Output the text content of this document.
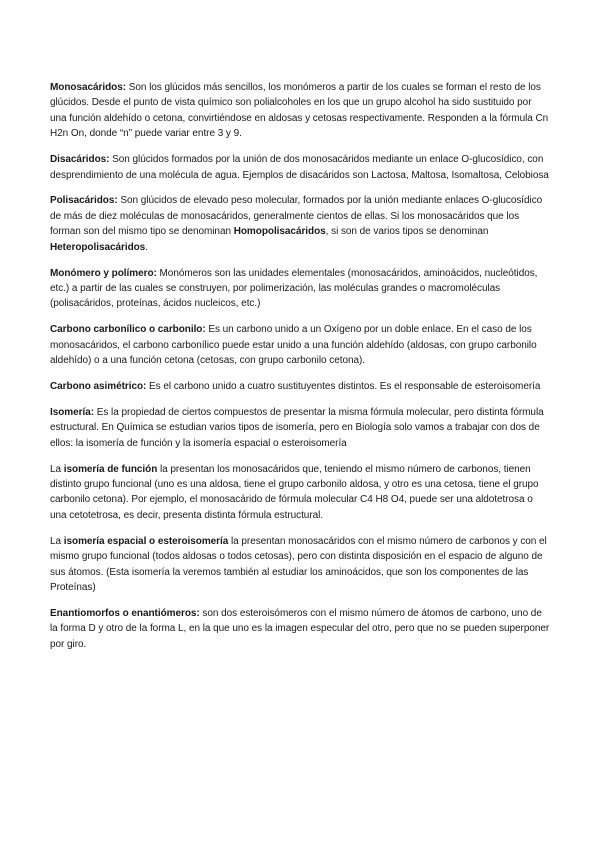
Monosacáridos: Son los glúcidos más sencillos, los monómeros a partir de los cuales se forman el resto de los glúcidos. Desde el punto de vista químico son polialcoholes en los que un grupo alcohol ha sido sustituido por una función aldehído o cetona, convirtiéndose en aldosas y cetosas respectivamente. Responden a la fórmula Cn H2n On, donde “n” puede variar entre 3 y 9.

Disacáridos: Son glúcidos formados por la unión de dos monosacáridos mediante un enlace O-glucosídico, con desprendimiento de una molécula de agua. Ejemplos de disacáridos son Lactosa, Maltosa, Isomaltosa, Celobiosa

Polisacáridos: Son glúcidos de elevado peso molecular, formados por la unión mediante enlaces O-glucosídico de más de diez moléculas de monosacáridos, generalmente cientos de ellas. Si los monosacáridos que los forman son del mismo tipo se denominan Homopolisacáridos, si son de varios tipos se denominan Heteropolisacáridos.

Monómero y polímero: Monómeros son las unidades elementales (monosacáridos, aminoácidos, nucleótidos, etc.) a partir de las cuales se construyen, por polimerización, las moléculas grandes o macromoléculas (polisacáridos, proteínas, ácidos nucleicos, etc.)

Carbono carbonílico o carbonilo: Es un carbono unido a un Oxígeno por un doble enlace. En el caso de los monosacáridos, el carbono carbonílico puede estar unido a una función aldehído (aldosas, con grupo carbonilo aldehído) o a una función cetona (cetosas, con grupo carbonilo cetona).

Carbono asimétrico: Es el carbono unido a cuatro sustituyentes distintos. Es el responsable de esteroisomería

Isomería: Es la propiedad de ciertos compuestos de presentar la misma fórmula molecular, pero distinta fórmula estructural. En Química se estudian varios tipos de isomería, pero en Biología solo vamos a trabajar con dos de ellos: la isomería de función y la isomería espacial o esteroisomería

La isomería de función la presentan los monosacáridos que, teniendo el mismo número de carbonos, tienen distinto grupo funcional (uno es una aldosa, tiene el grupo carbonilo aldosa, y otro es una cetosa, tiene el grupo carbonilo cetona). Por ejemplo, el monosacárido de fórmula molecular C4 H8 O4, puede ser una aldotetrosa o una cetotetrosa, es decir, presenta distinta fórmula estructural.

La isomería espacial o esteroisomería la presentan monosacáridos con el mismo número de carbonos y con el mismo grupo funcional (todos aldosas o todos cetosas), pero con distinta disposición en el espacio de alguno de sus átomos. (Esta isomería la veremos también al estudiar los aminoácidos, que son los componentes de las Proteínas)

Enantiomorfos o enantiómeros: son dos esteroisómeros con el mismo número de átomos de carbono, uno de la forma D y otro de la forma L, en la que uno es la imagen especular del otro, pero que no se pueden superponer por giro.
